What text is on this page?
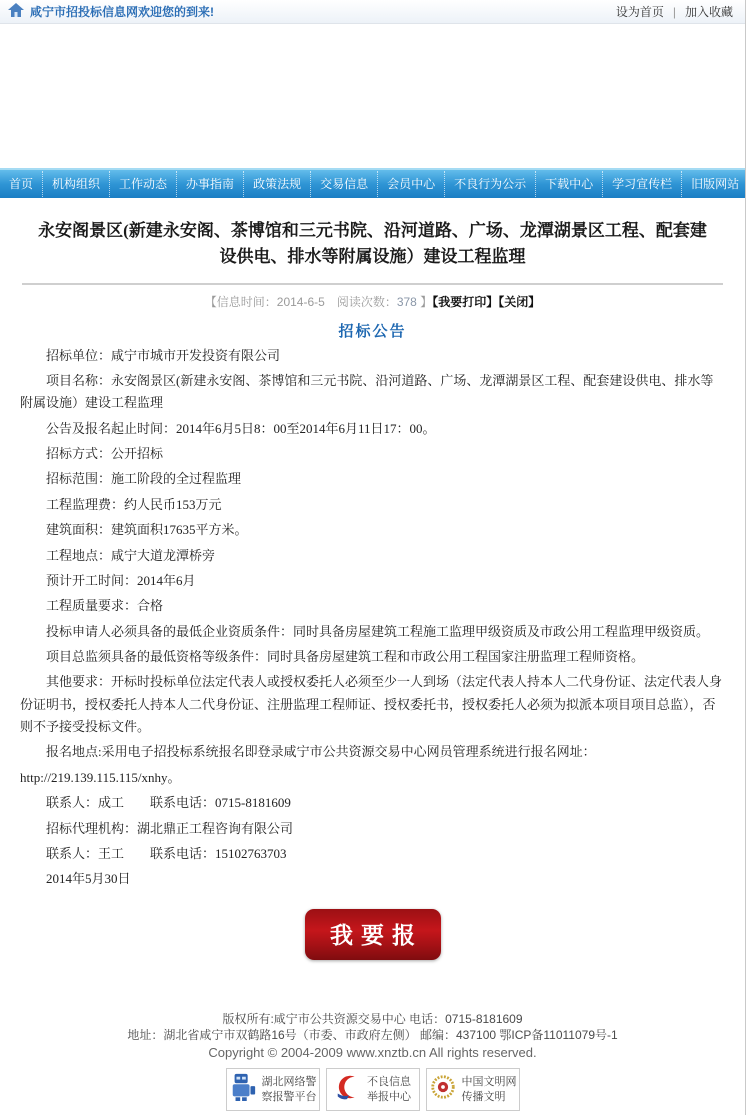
咸宁市招投标信息网欢迎您的到来!	设为首页 | 加入收藏
首页	机构组织	工作动态	办事指南	政策法规	交易信息	会员中心	不良行为公示	下载中心	学习宣传栏	旧版网站
永安阁景区(新建永安阁、茶博馆和三元书院、沿河道路、广场、龙潭湖景区工程、配套建设供电、排水等附属设施）建设工程监理
【信息时间：2014-6-5　阅读次数：378 】【我要打印】【关闭】
招标公告

招标单位：咸宁市城市开发投资有限公司

项目名称：永安阁景区(新建永安阁、茶博馆和三元书院、沿河道路、广场、龙潭湖景区工程、配套建设供电、排水等附属设施）建设工程监理

公告及报名起止时间：2014年6月5日8：00至2014年6月11日17：00。

招标方式：公开招标

招标范围：施工阶段的全过程监理

工程监理费：约人民币153万元

建筑面积：建筑面积17635平方米。

工程地点：咸宁大道龙潭桥旁

预计开工时间：2014年6月

工程质量要求：合格

投标申请人必须具备的最低企业资质条件：同时具备房屋建筑工程施工监理甲级资质及市政公用工程监理甲级资质。

项目总监须具备的最低资格等级条件：同时具备房屋建筑工程和市政公用工程国家注册监理工程师资格。

其他要求：开标时投标单位法定代表人或授权委托人必须至少一人到场（法定代表人持本人二代身份证、法定代表人身份证明书，授权委托人持本人二代身份证、注册监理工程师证、授权委托书，授权委托人必须为拟派本项目项目总监），否则不予接受投标文件。

报名地点:采用电子招投标系统报名即登录咸宁市公共资源交易中心网员管理系统进行报名网址：

http://219.139.115.115/xnhy。

联系人：成工　　联系电话：0715-8181609

招标代理机构：湖北鼎正工程咨询有限公司

联系人：王工　　联系电话：15102763703

2014年5月30日

我要报名
版权所有:咸宁市公共资源交易中心 电话：0715-8181609
地址：湖北省咸宁市双鹤路16号（市委、市政府左侧） 邮编：437100 鄂ICP备11011079号-1
Copyright © 2004-2009 www.xnztb.cn All rights reserved.
湖北网络警
察报警平台
不良信息
举报中心
中国文明网
传播文明
